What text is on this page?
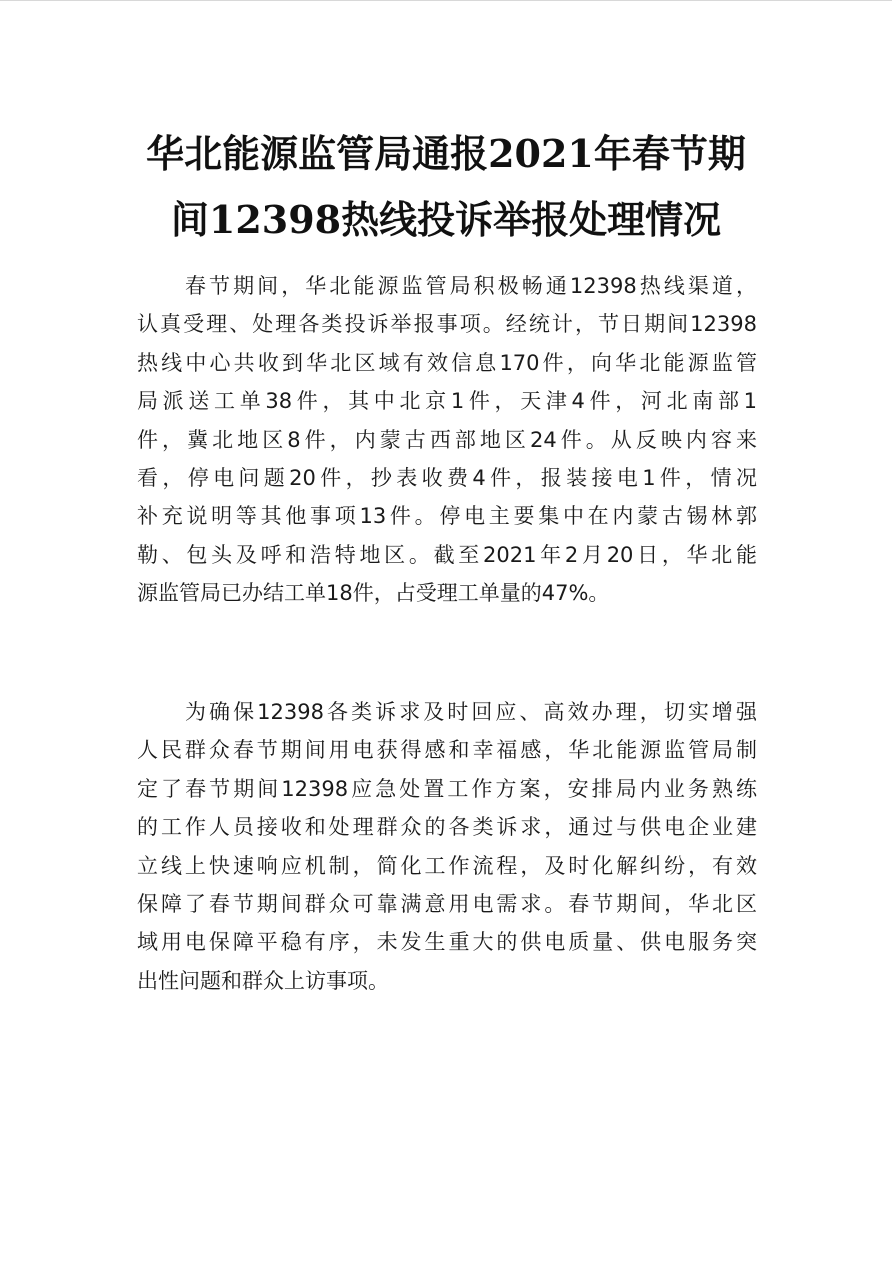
华北能源监管局通报2021年春节期
间12398热线投诉举报处理情况
春节期间，华北能源监管局积极畅通12398热线渠道，
认真受理、处理各类投诉举报事项。经统计，节日期间12398
热线中心共收到华北区域有效信息170件，向华北能源监管
局派送工单38件，其中北京1件，天津4件，河北南部1
件，冀北地区8件，内蒙古西部地区24件。从反映内容来
看，停电问题20件，抄表收费4件，报装接电1件，情况
补充说明等其他事项13件。停电主要集中在内蒙古锡林郭
勒、包头及呼和浩特地区。截至2021年2月20日，华北能
源监管局已办结工单18件，占受理工单量的47%。
为确保12398各类诉求及时回应、高效办理，切实增强
人民群众春节期间用电获得感和幸福感，华北能源监管局制
定了春节期间12398应急处置工作方案，安排局内业务熟练
的工作人员接收和处理群众的各类诉求，通过与供电企业建
立线上快速响应机制，简化工作流程，及时化解纠纷，有效
保障了春节期间群众可靠满意用电需求。春节期间，华北区
域用电保障平稳有序，未发生重大的供电质量、供电服务突
出性问题和群众上访事项。
